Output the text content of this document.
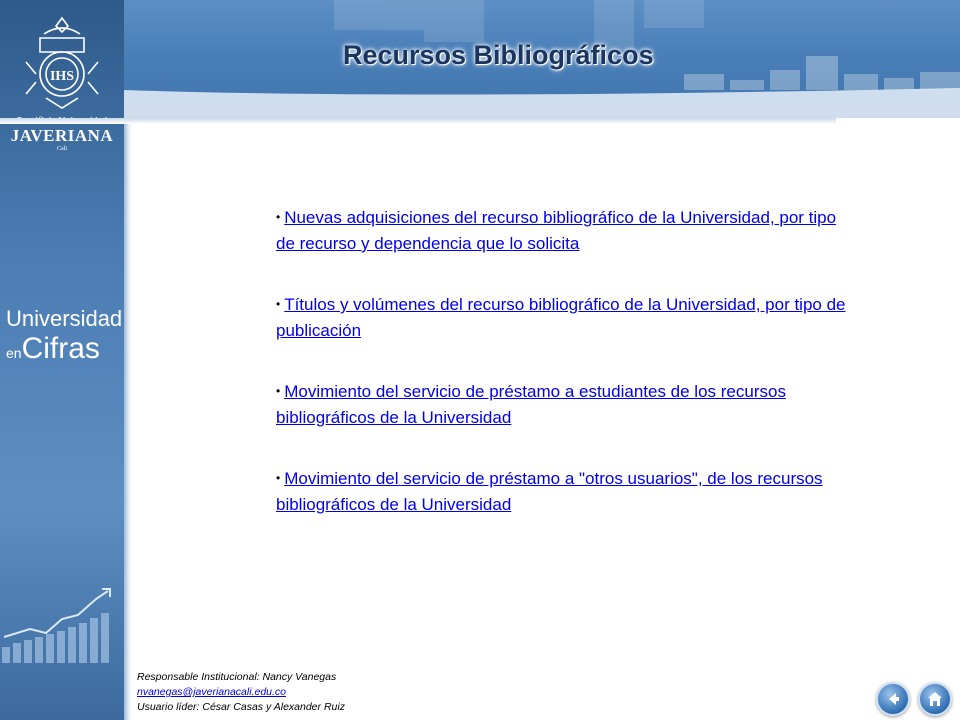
IHS
JAVERIANA
Cali
Universidad
en Cifras
Recursos Bibliográficos
• Nuevas adquisiciones del recurso bibliográfico de la Universidad, por tipo de recurso y dependencia que lo solicita
• Títulos y volúmenes del recurso bibliográfico de la Universidad, por tipo de publicación
• Movimiento del servicio de préstamo a estudiantes de los recursos bibliográficos de la Universidad
• Movimiento del servicio de préstamo a "otros usuarios", de los recursos bibliográficos de la Universidad
Responsable Institucional: Nancy Vanegas
nvanegas@javerianacali.edu.co
Usuario líder: César Casas y Alexander Ruiz
